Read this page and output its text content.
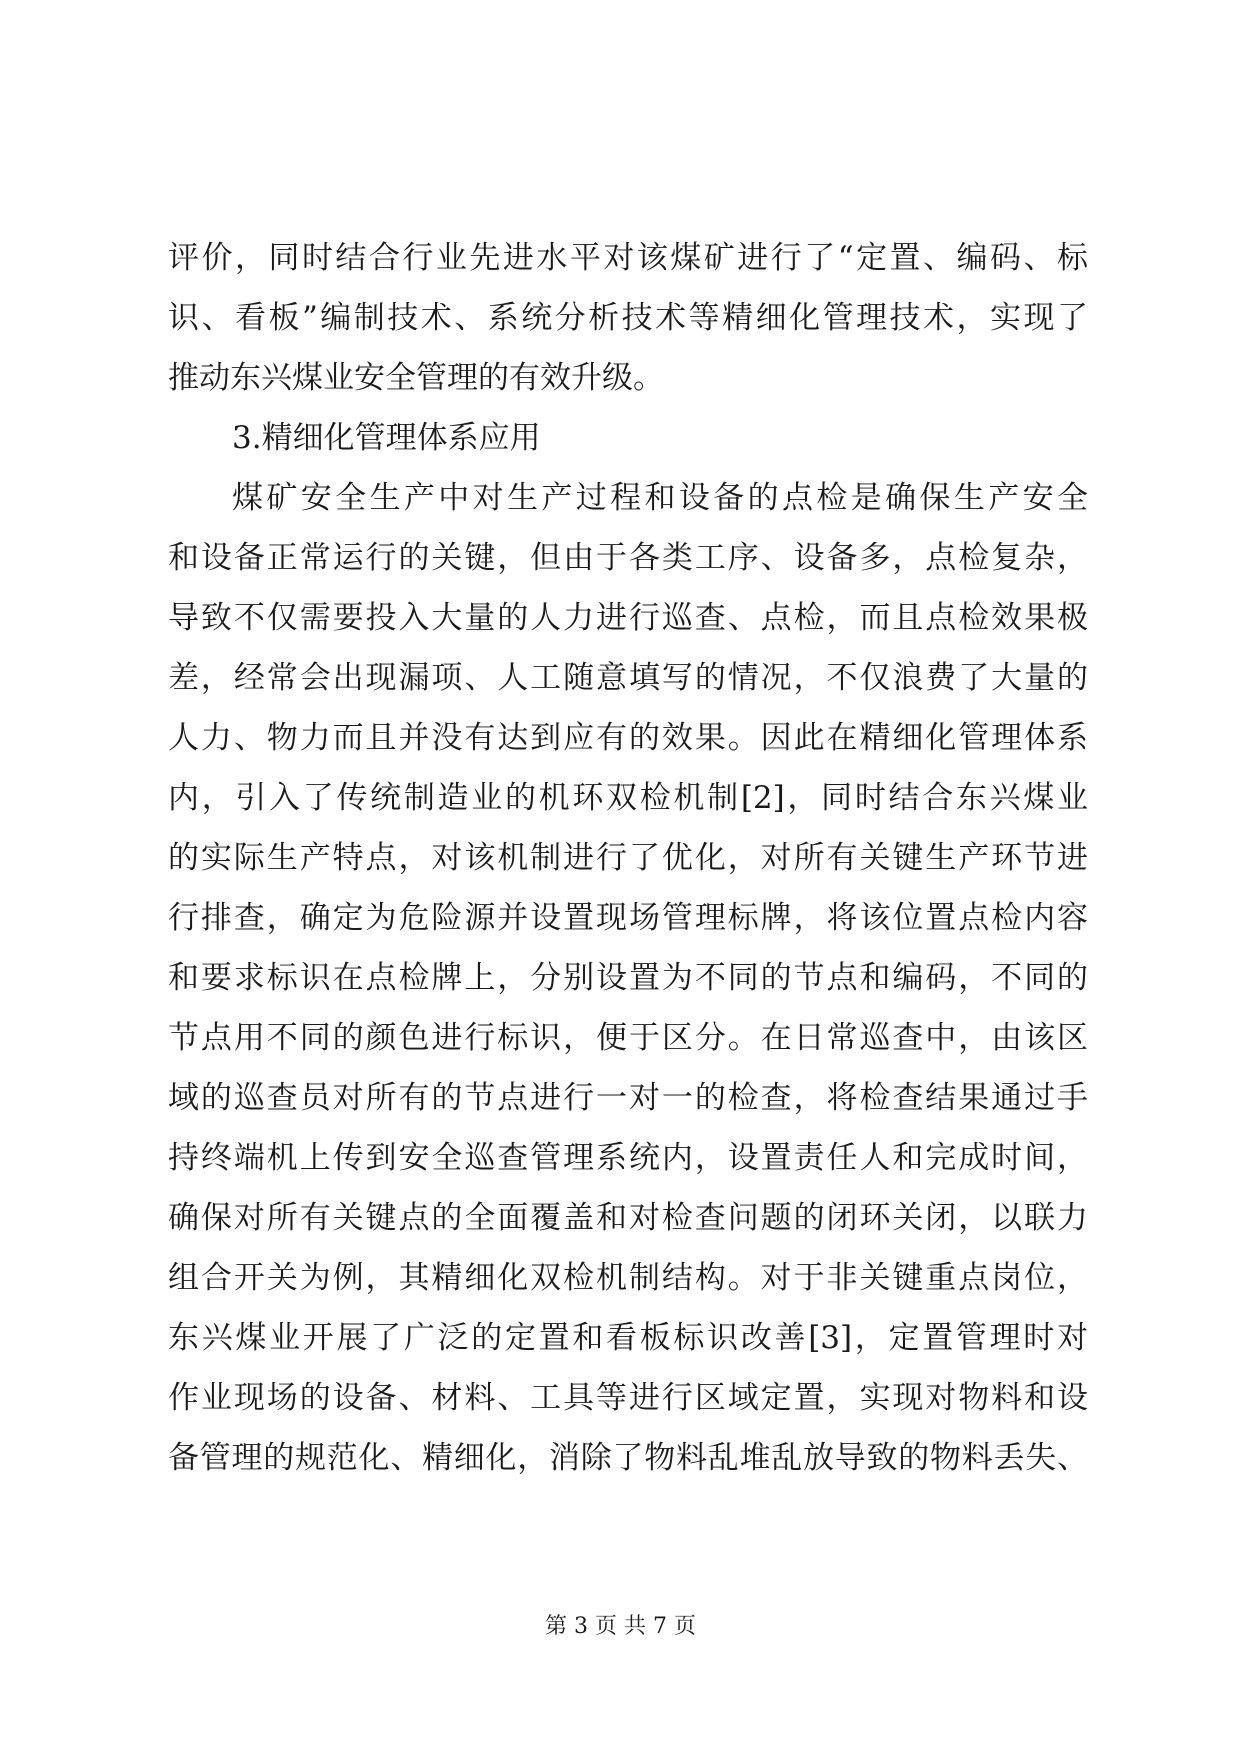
评价，同时结合行业先进水平对该煤矿进行了“定置、编码、标
识、看板”编制技术、系统分析技术等精细化管理技术，实现了
推动东兴煤业安全管理的有效升级。
3.精细化管理体系应用
煤矿安全生产中对生产过程和设备的点检是确保生产安全
和设备正常运行的关键，但由于各类工序、设备多，点检复杂，
导致不仅需要投入大量的人力进行巡查、点检，而且点检效果极
差，经常会出现漏项、人工随意填写的情况，不仅浪费了大量的
人力、物力而且并没有达到应有的效果。因此在精细化管理体系
内，引入了传统制造业的机环双检机制[2]，同时结合东兴煤业
的实际生产特点，对该机制进行了优化，对所有关键生产环节进
行排查，确定为危险源并设置现场管理标牌，将该位置点检内容
和要求标识在点检牌上，分别设置为不同的节点和编码，不同的
节点用不同的颜色进行标识，便于区分。在日常巡查中，由该区
域的巡查员对所有的节点进行一对一的检查，将检查结果通过手
持终端机上传到安全巡查管理系统内，设置责任人和完成时间，
确保对所有关键点的全面覆盖和对检查问题的闭环关闭，以联力
组合开关为例，其精细化双检机制结构。对于非关键重点岗位，
东兴煤业开展了广泛的定置和看板标识改善[3]，定置管理时对
作业现场的设备、材料、工具等进行区域定置，实现对物料和设
备管理的规范化、精细化，消除了物料乱堆乱放导致的物料丢失、
第 3 页 共 7 页
